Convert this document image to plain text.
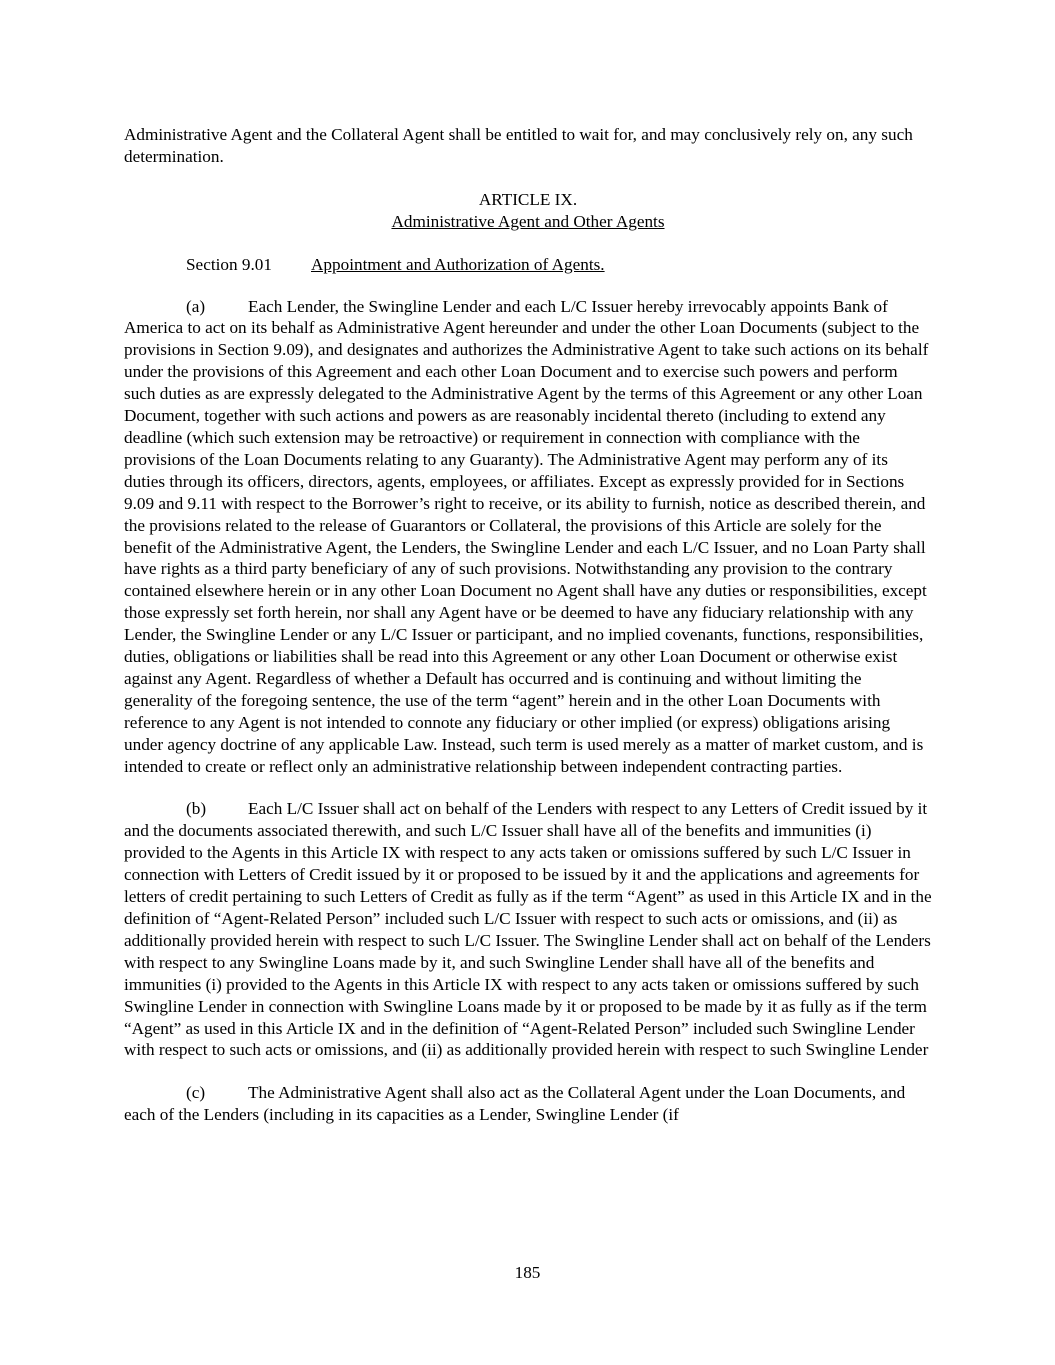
Administrative Agent and the Collateral Agent shall be entitled to wait for, and may conclusively rely on, any such determination.

ARTICLE IX.

Administrative Agent and Other Agents

Section 9.01 Appointment and Authorization of Agents.

(a) Each Lender, the Swingline Lender and each L/C Issuer hereby irrevocably appoints Bank of America to act on its behalf as Administrative Agent hereunder and under the other Loan Documents (subject to the provisions in Section 9.09), and designates and authorizes the Administrative Agent to take such actions on its behalf under the provisions of this Agreement and each other Loan Document and to exercise such powers and perform such duties as are expressly delegated to the Administrative Agent by the terms of this Agreement or any other Loan Document, together with such actions and powers as are reasonably incidental thereto (including to extend any deadline (which such extension may be retroactive) or requirement in connection with compliance with the provisions of the Loan Documents relating to any Guaranty). The Administrative Agent may perform any of its duties through its officers, directors, agents, employees, or affiliates. Except as expressly provided for in Sections 9.09 and 9.11 with respect to the Borrower’s right to receive, or its ability to furnish, notice as described therein, and the provisions related to the release of Guarantors or Collateral, the provisions of this Article are solely for the benefit of the Administrative Agent, the Lenders, the Swingline Lender and each L/C Issuer, and no Loan Party shall have rights as a third party beneficiary of any of such provisions. Notwithstanding any provision to the contrary contained elsewhere herein or in any other Loan Document no Agent shall have any duties or responsibilities, except those expressly set forth herein, nor shall any Agent have or be deemed to have any fiduciary relationship with any Lender, the Swingline Lender or any L/C Issuer or participant, and no implied covenants, functions, responsibilities, duties, obligations or liabilities shall be read into this Agreement or any other Loan Document or otherwise exist against any Agent. Regardless of whether a Default has occurred and is continuing and without limiting the generality of the foregoing sentence, the use of the term “agent” herein and in the other Loan Documents with reference to any Agent is not intended to connote any fiduciary or other implied (or express) obligations arising under agency doctrine of any applicable Law. Instead, such term is used merely as a matter of market custom, and is intended to create or reflect only an administrative relationship between independent contracting parties.

(b) Each L/C Issuer shall act on behalf of the Lenders with respect to any Letters of Credit issued by it and the documents associated therewith, and such L/C Issuer shall have all of the benefits and immunities (i) provided to the Agents in this Article IX with respect to any acts taken or omissions suffered by such L/C Issuer in connection with Letters of Credit issued by it or proposed to be issued by it and the applications and agreements for letters of credit pertaining to such Letters of Credit as fully as if the term “Agent” as used in this Article IX and in the definition of “Agent-Related Person” included such L/C Issuer with respect to such acts or omissions, and (ii) as additionally provided herein with respect to such L/C Issuer. The Swingline Lender shall act on behalf of the Lenders with respect to any Swingline Loans made by it, and such Swingline Lender shall have all of the benefits and immunities (i) provided to the Agents in this Article IX with respect to any acts taken or omissions suffered by such Swingline Lender in connection with Swingline Loans made by it or proposed to be made by it as fully as if the term “Agent” as used in this Article IX and in the definition of “Agent-Related Person” included such Swingline Lender with respect to such acts or omissions, and (ii) as additionally provided herein with respect to such Swingline Lender

(c) The Administrative Agent shall also act as the Collateral Agent under the Loan Documents, and each of the Lenders (including in its capacities as a Lender, Swingline Lender (if

185
